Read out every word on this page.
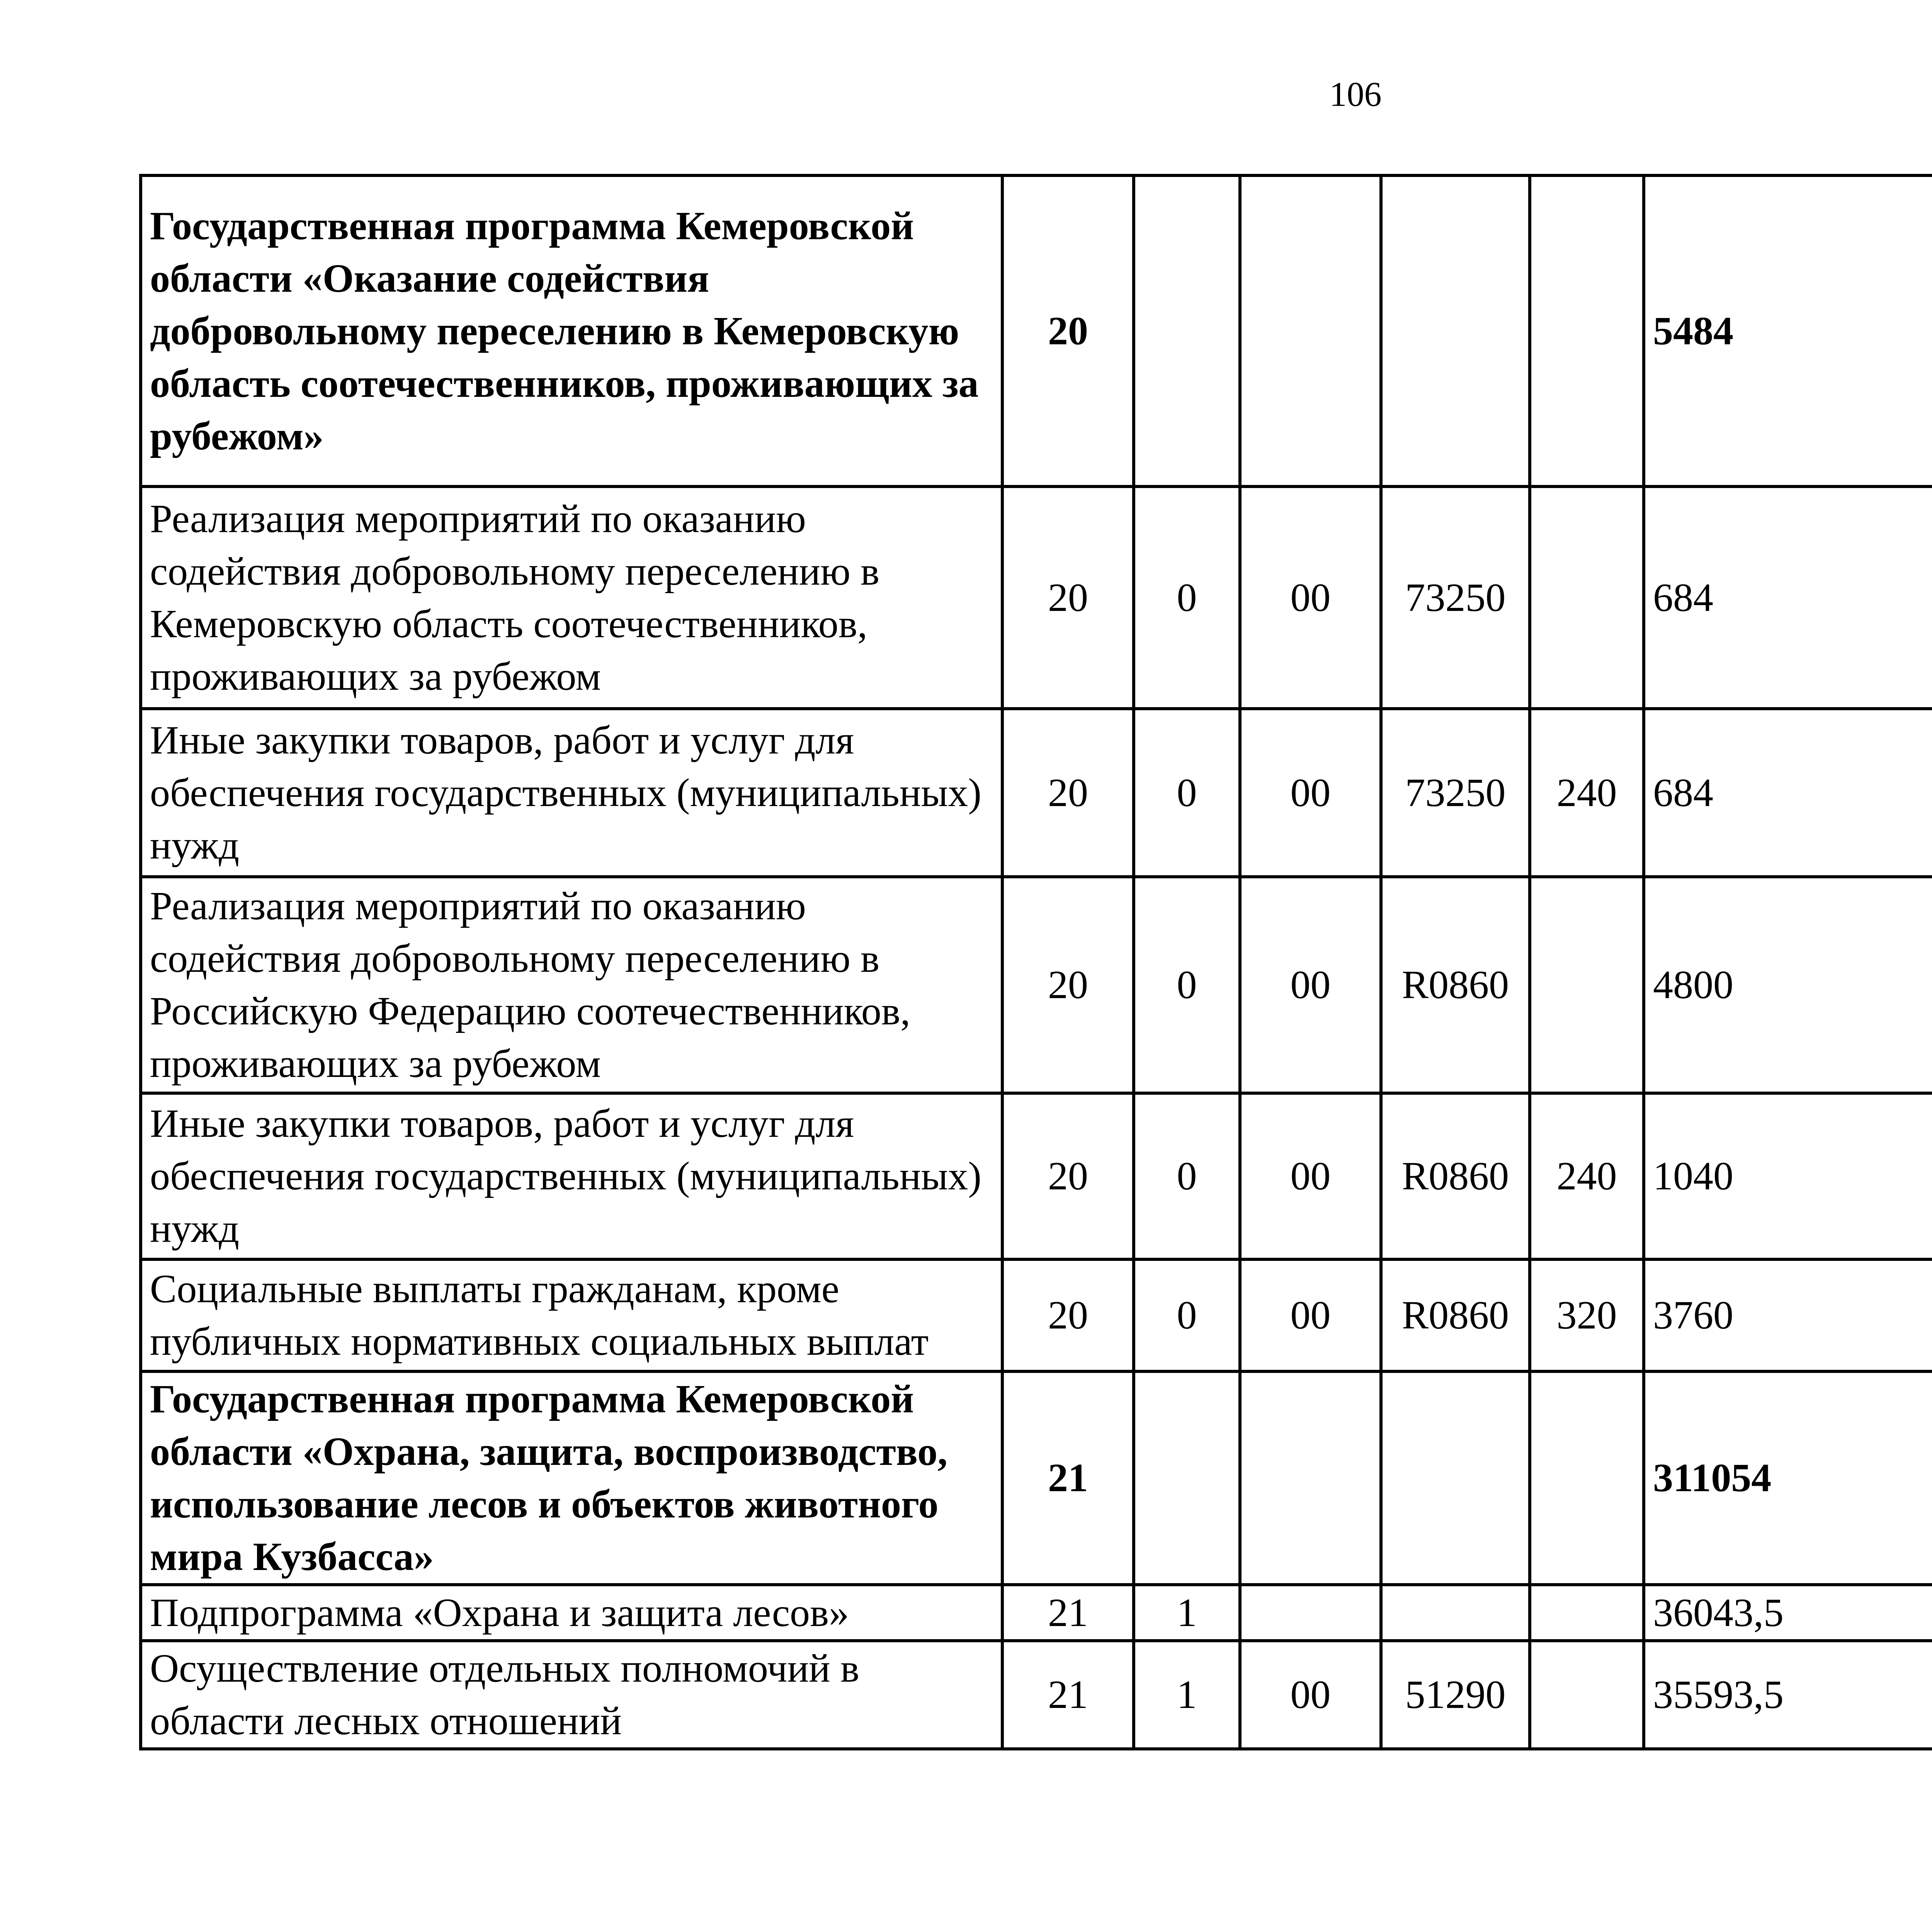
106
Государственная программа Кемеровской области «Оказание содействия добровольному переселению в Кемеровскую область соотечественников, проживающих за рубежом»	20					5484		
Реализация мероприятий по оказанию содействия добровольному переселению в Кемеровскую область соотечественников, проживающих за рубежом	20	0	00	73250		684		
Иные закупки товаров, работ и услуг для обеспечения государственных (муниципальных) нужд	20	0	00	73250	240	684		
Реализация мероприятий по оказанию содействия добровольному переселению в Российскую Федерацию соотечественников, проживающих за рубежом	20	0	00	R0860		4800		
Иные закупки товаров, работ и услуг для обеспечения государственных (муниципальных) нужд	20	0	00	R0860	240	1040		
Социальные выплаты гражданам, кроме публичных нормативных социальных выплат	20	0	00	R0860	320	3760		
Государственная программа Кемеровской области «Охрана, защита, воспроизводство, использование лесов и объектов животного мира Кузбасса»	21					311054		
Подпрограмма «Охрана и защита лесов»	21	1				36043,5		
Осуществление отдельных полномочий в области лесных отношений	21	1	00	51290		35593,5		
